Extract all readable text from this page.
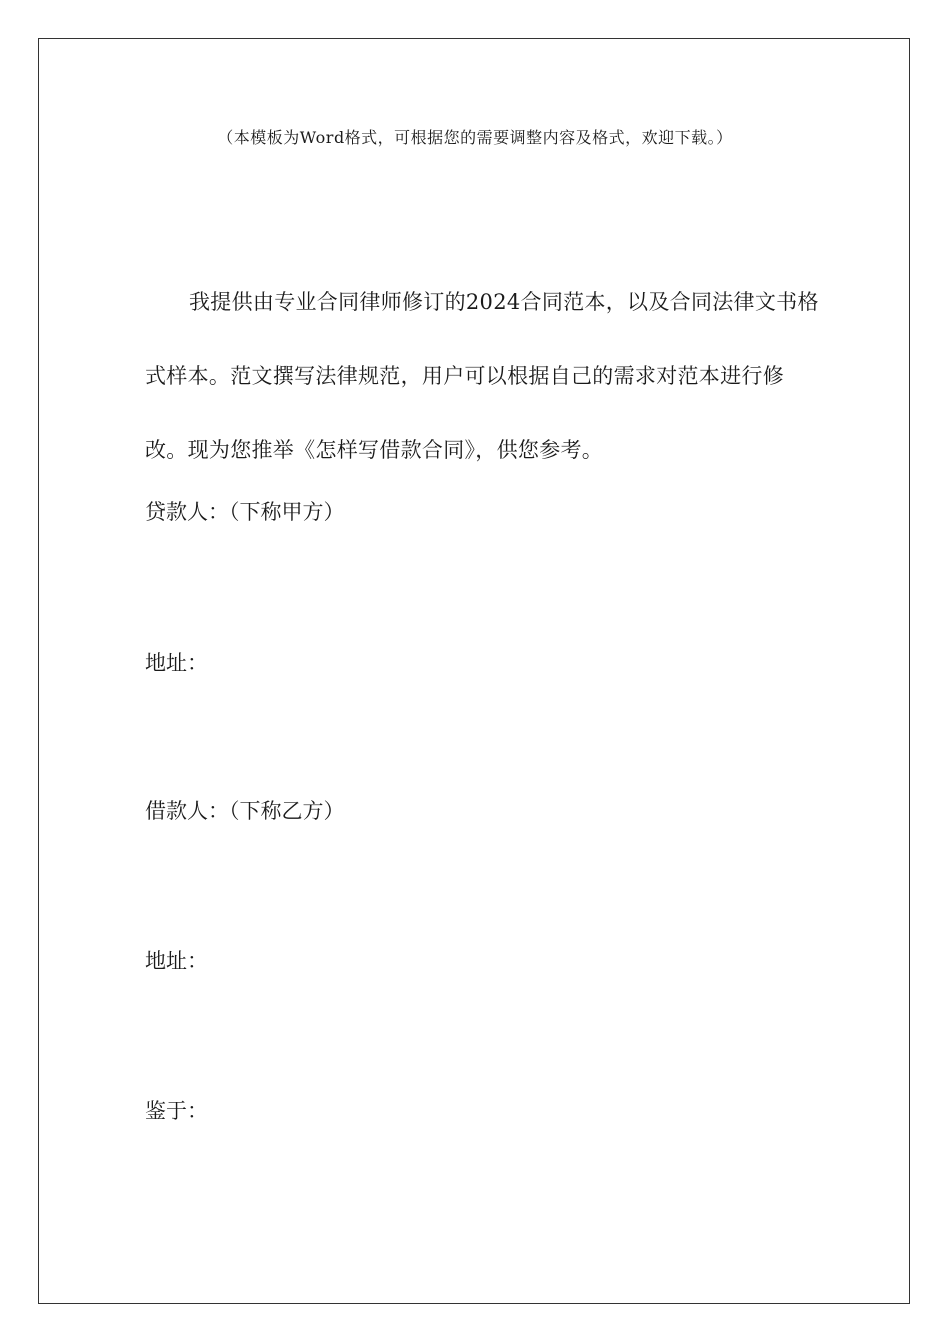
（本模板为Word格式，可根据您的需要调整内容及格式，欢迎下载。）

我提供由专业合同律师修订的2024合同范本，以及合同法律文书格式样本。范文撰写法律规范，用户可以根据自己的需求对范本进行修改。现为您推举《怎样写借款合同》，供您参考。

贷款人：（下称甲方）

地址：

借款人：（下称乙方）

地址：

鉴于：
